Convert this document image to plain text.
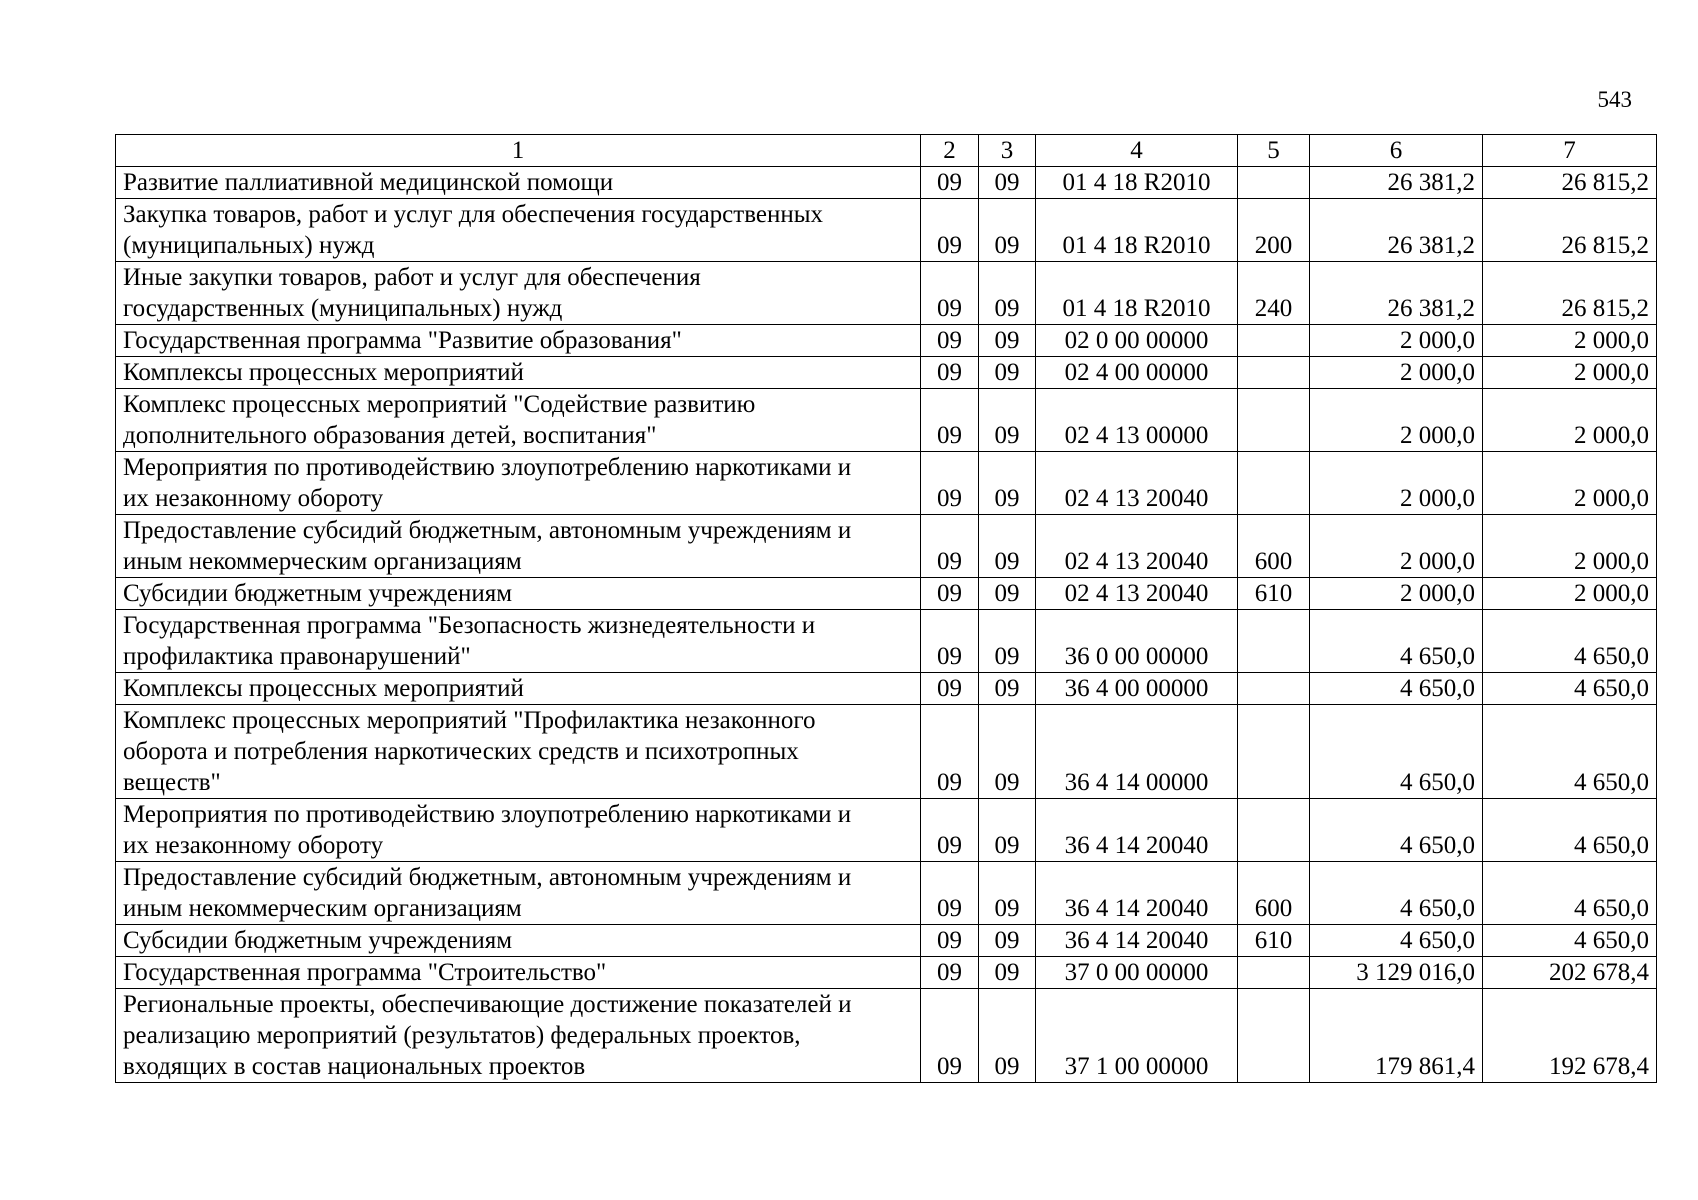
543
1	2	3	4	5	6	7

Развитие паллиативной медицинской помощи	09	09	01 4 18 R2010		26 381,2	26 815,2

Закупка товаров, работ и услуг для обеспечения государственных
(муниципальных) нужд	09	09	01 4 18 R2010	200	26 381,2	26 815,2

Иные закупки товаров, работ и услуг для обеспечения
государственных (муниципальных) нужд	09	09	01 4 18 R2010	240	26 381,2	26 815,2

Государственная программа "Развитие образования"	09	09	02 0 00 00000		2 000,0	2 000,0

Комплексы процессных мероприятий	09	09	02 4 00 00000		2 000,0	2 000,0

Комплекс процессных мероприятий "Содействие развитию
дополнительного образования детей, воспитания"	09	09	02 4 13 00000		2 000,0	2 000,0

Мероприятия по противодействию злоупотреблению наркотиками и
их незаконному обороту	09	09	02 4 13 20040		2 000,0	2 000,0

Предоставление субсидий бюджетным, автономным учреждениям и
иным некоммерческим организациям	09	09	02 4 13 20040	600	2 000,0	2 000,0

Субсидии бюджетным учреждениям	09	09	02 4 13 20040	610	2 000,0	2 000,0

Государственная программа "Безопасность жизнедеятельности и
профилактика правонарушений"	09	09	36 0 00 00000		4 650,0	4 650,0

Комплексы процессных мероприятий	09	09	36 4 00 00000		4 650,0	4 650,0

Комплекс процессных мероприятий "Профилактика незаконного
оборота и потребления наркотических средств и психотропных
веществ"	09	09	36 4 14 00000		4 650,0	4 650,0

Мероприятия по противодействию злоупотреблению наркотиками и
их незаконному обороту	09	09	36 4 14 20040		4 650,0	4 650,0

Предоставление субсидий бюджетным, автономным учреждениям и
иным некоммерческим организациям	09	09	36 4 14 20040	600	4 650,0	4 650,0

Субсидии бюджетным учреждениям	09	09	36 4 14 20040	610	4 650,0	4 650,0

Государственная программа "Строительство"	09	09	37 0 00 00000		3 129 016,0	202 678,4

Региональные проекты, обеспечивающие достижение показателей и
реализацию мероприятий (результатов) федеральных проектов,
входящих в состав национальных проектов	09	09	37 1 00 00000		179 861,4	192 678,4
